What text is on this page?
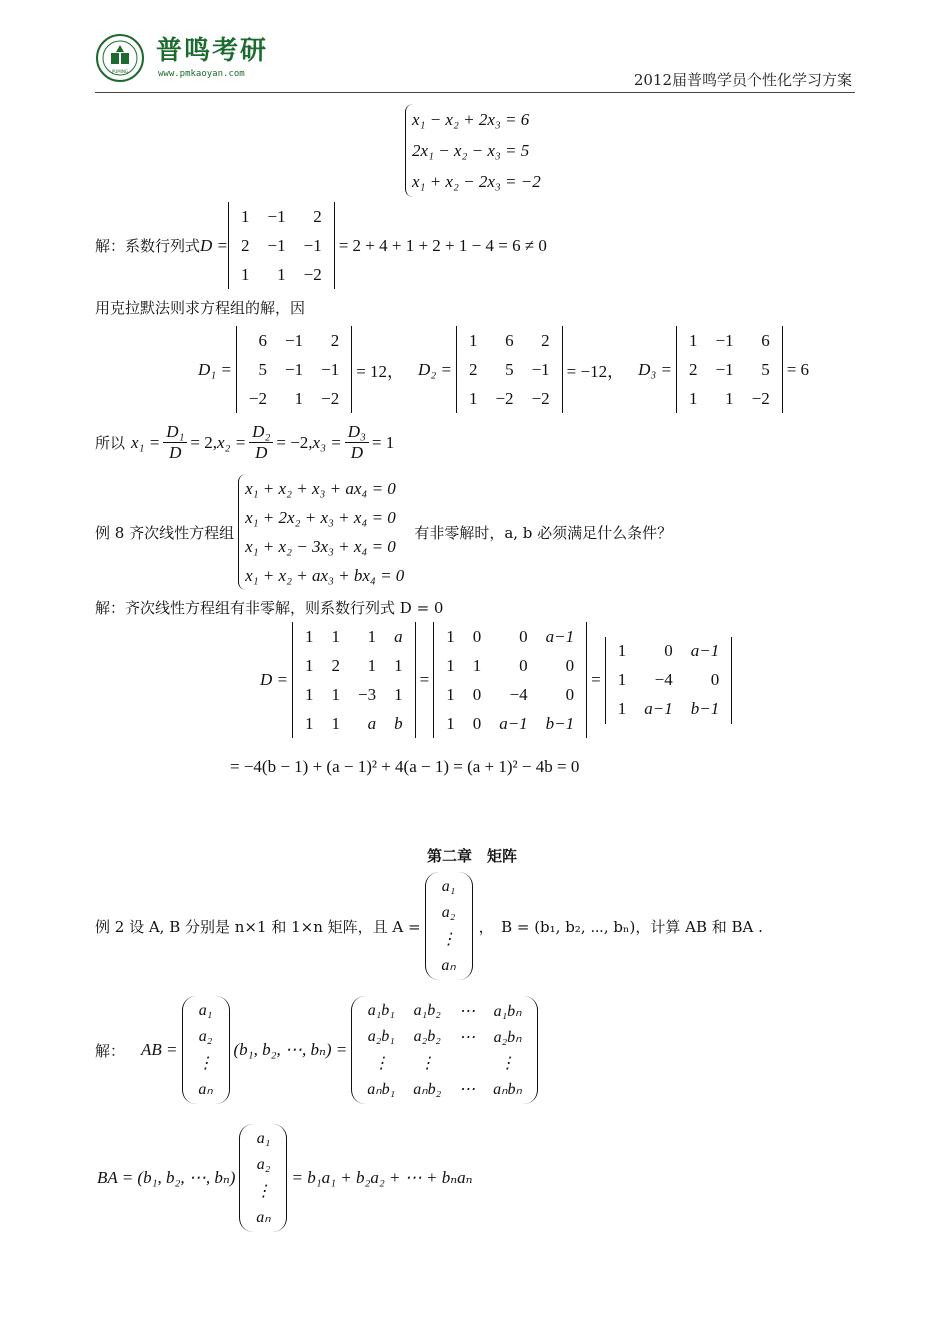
PUMING
普鸣考研
www.pmkaoyan.com	2012届普鸣学员个性化学习方案
x₁ − x₂ + 2x₃ = 6
2x₁ − x₂ − x₃ = 5
x₁ + x₂ − 2x₃ = −2
解：系数行列式 D =
1	−1	2
2	−1	−1
1	1	−2
= 2 + 4 + 1 + 2 + 1 − 4 = 6 ≠ 0
用克拉默法则求方程组的解，因
D₁ =
6	−1	2
5	−1	−1
−2	1	−2
= 12， D₂ =
1	6	2
2	5	−1
1	−2	−2
= −12， D₃ =
1	−1	6
2	−1	5
1	1	−2
= 6
所以 $x_1 = \frac{\text{D₁}}{D} = 2$, $x_2 = \frac{\text{D₂}}{D} = -2$, $x_3 = \frac{\text{D₃}}{D} = 1$
例 8 齐次线性方程组
x₁ + x₂ + x₃ + ax₄ = 0
x₁ + 2x₂ + x₃ + x₄ = 0
x₁ + x₂ − 3x₃ + x₄ = 0
x₁ + x₂ + ax₃ + bx₄ = 0
有非零解时，a, b 必须满足什么条件？
解：齐次线性方程组有非零解，则系数行列式 D = 0
D =
1	1	1	a
1	2	1	1
1	1	−3	1
1	1	a	b
=
1	0	0	a−1
1	1	0	0
1	0	−4	0
1	0	a−1	b−1
=
1	0	a−1
1	−4	0
1	a−1	b−1
= −4(b − 1) + (a − 1)² + 4(a − 1) = (a + 1)² − 4b = 0
第二章　矩阵
例 2 设 A, B 分别是 n×1 和 1×n 矩阵，且 A =
a₁
a₂
⋮
aₙ
，　B = (b₁, b₂, ⋯, bₙ)，计算 AB 和 BA .
解： AB =
a₁
a₂
⋮
aₙ
(b₁, b₂, ⋯, bₙ) =
a₁b₁	a₁b₂	⋯	a₁bₙ
a₂b₁	a₂b₂	⋯	a₂bₙ
⋮	⋮		⋮
aₙb₁	aₙb₂	⋯	aₙbₙ
BA = (b₁, b₂, ⋯, bₙ)
a₁
a₂
⋮
aₙ
= b₁a₁ + b₂a₂ + ⋯ + bₙaₙ
